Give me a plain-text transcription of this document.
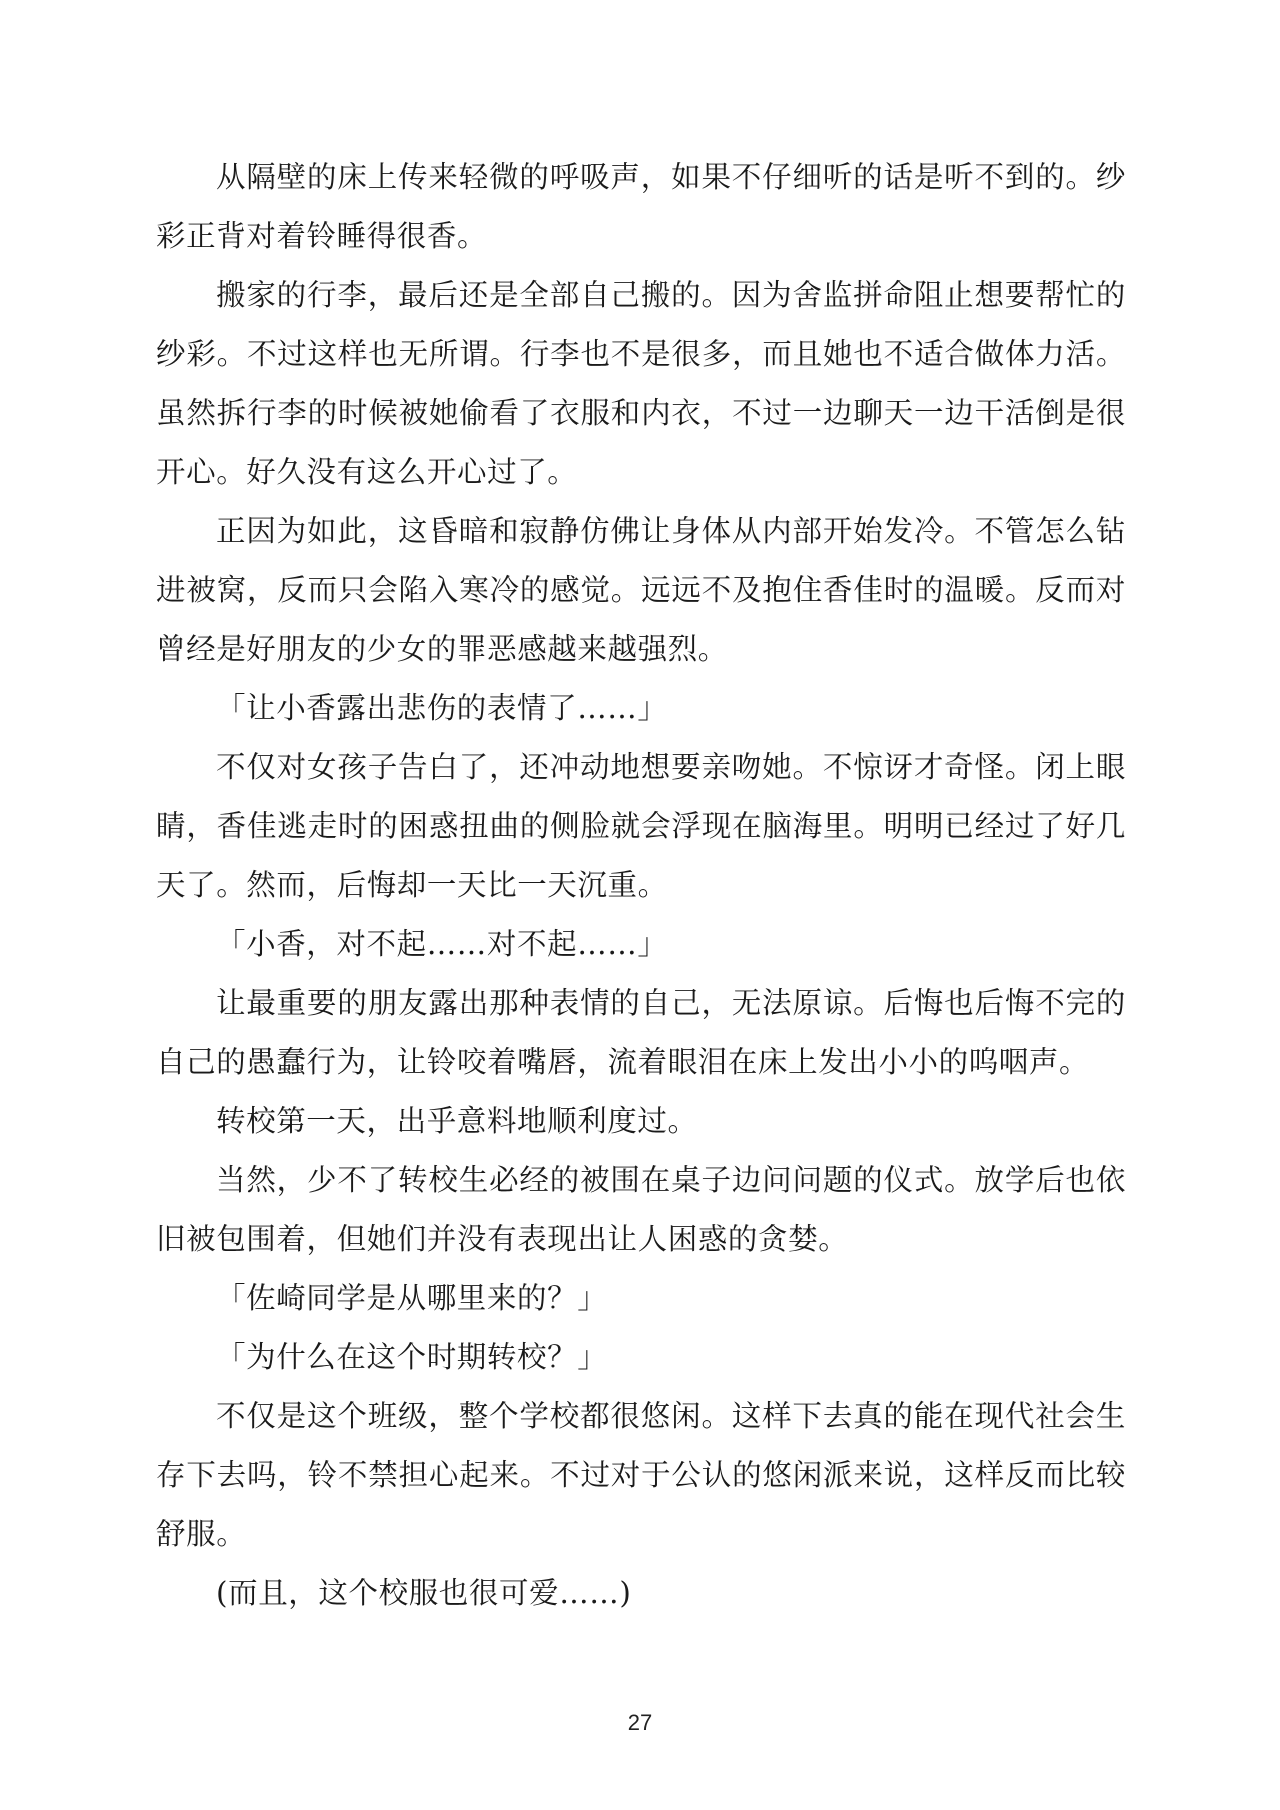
从隔壁的床上传来轻微的呼吸声，如果不仔细听的话是听不到的。纱彩正背对着铃睡得很香。

搬家的行李，最后还是全部自己搬的。因为舍监拼命阻止想要帮忙的纱彩。不过这样也无所谓。行李也不是很多，而且她也不适合做体力活。虽然拆行李的时候被她偷看了衣服和内衣，不过一边聊天一边干活倒是很开心。好久没有这么开心过了。

正因为如此，这昏暗和寂静仿佛让身体从内部开始发冷。不管怎么钻进被窝，反而只会陷入寒冷的感觉。远远不及抱住香佳时的温暖。反而对曾经是好朋友的少女的罪恶感越来越强烈。

「让小香露出悲伤的表情了……」

不仅对女孩子告白了，还冲动地想要亲吻她。不惊讶才奇怪。闭上眼睛，香佳逃走时的困惑扭曲的侧脸就会浮现在脑海里。明明已经过了好几天了。然而，后悔却一天比一天沉重。

「小香，对不起……对不起……」

让最重要的朋友露出那种表情的自己，无法原谅。后悔也后悔不完的自己的愚蠢行为，让铃咬着嘴唇，流着眼泪在床上发出小小的呜咽声。

转校第一天，出乎意料地顺利度过。

当然，少不了转校生必经的被围在桌子边问问题的仪式。放学后也依旧被包围着，但她们并没有表现出让人困惑的贪婪。

「佐崎同学是从哪里来的？」

「为什么在这个时期转校？」

不仅是这个班级，整个学校都很悠闲。这样下去真的能在现代社会生存下去吗，铃不禁担心起来。不过对于公认的悠闲派来说，这样反而比较舒服。

(而且，这个校服也很可爱……)

27
